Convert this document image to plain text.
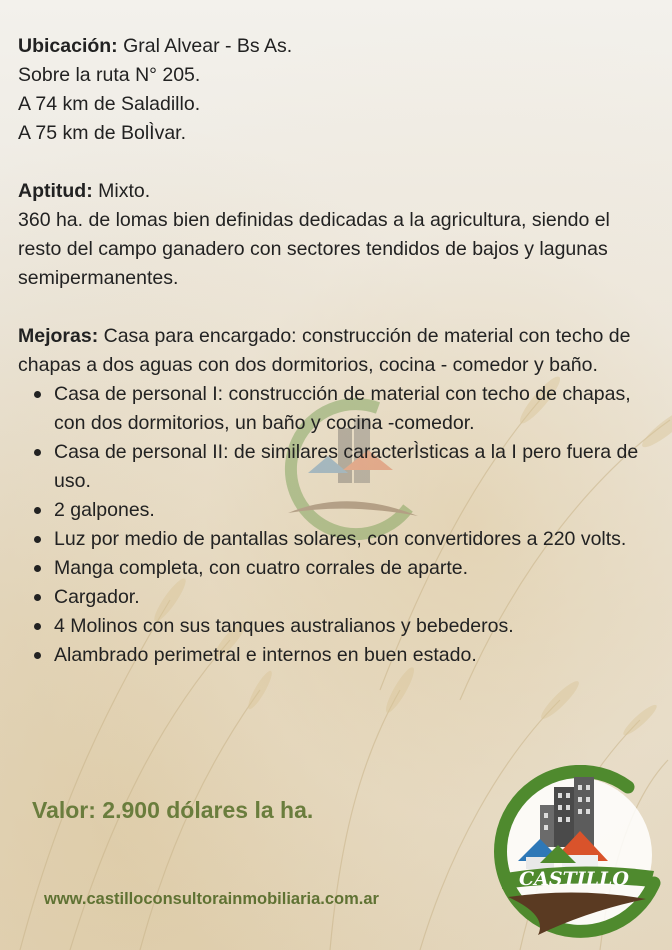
Ubicación: Gral Alvear - Bs As.

Sobre la ruta N° 205.

A 74 km de Saladillo.

A 75 km de BolÌvar.

Aptitud: Mixto.

360 ha. de lomas bien definidas dedicadas a la agricultura, siendo el resto del campo ganadero con sectores tendidos de bajos y lagunas semipermanentes.

Mejoras: Casa para encargado: construcción de material con techo de chapas a dos aguas con dos dormitorios, cocina - comedor y baño.

Casa de personal I: construcción de material con techo de chapas, con dos dormitorios, un baño y cocina -comedor.
Casa de personal II: de similares caracterÌsticas a la I pero fuera de uso.
2 galpones.
Luz por medio de pantallas solares, con convertidores a 220 volts.
Manga completa, con cuatro corrales de aparte.
Cargador.
4 Molinos con sus tanques australianos y bebederos.
Alambrado perimetral e internos en buen estado.
Valor: 2.900 dólares la ha.
www.castilloconsultorainmobiliaria.com.ar
CASTILLO
